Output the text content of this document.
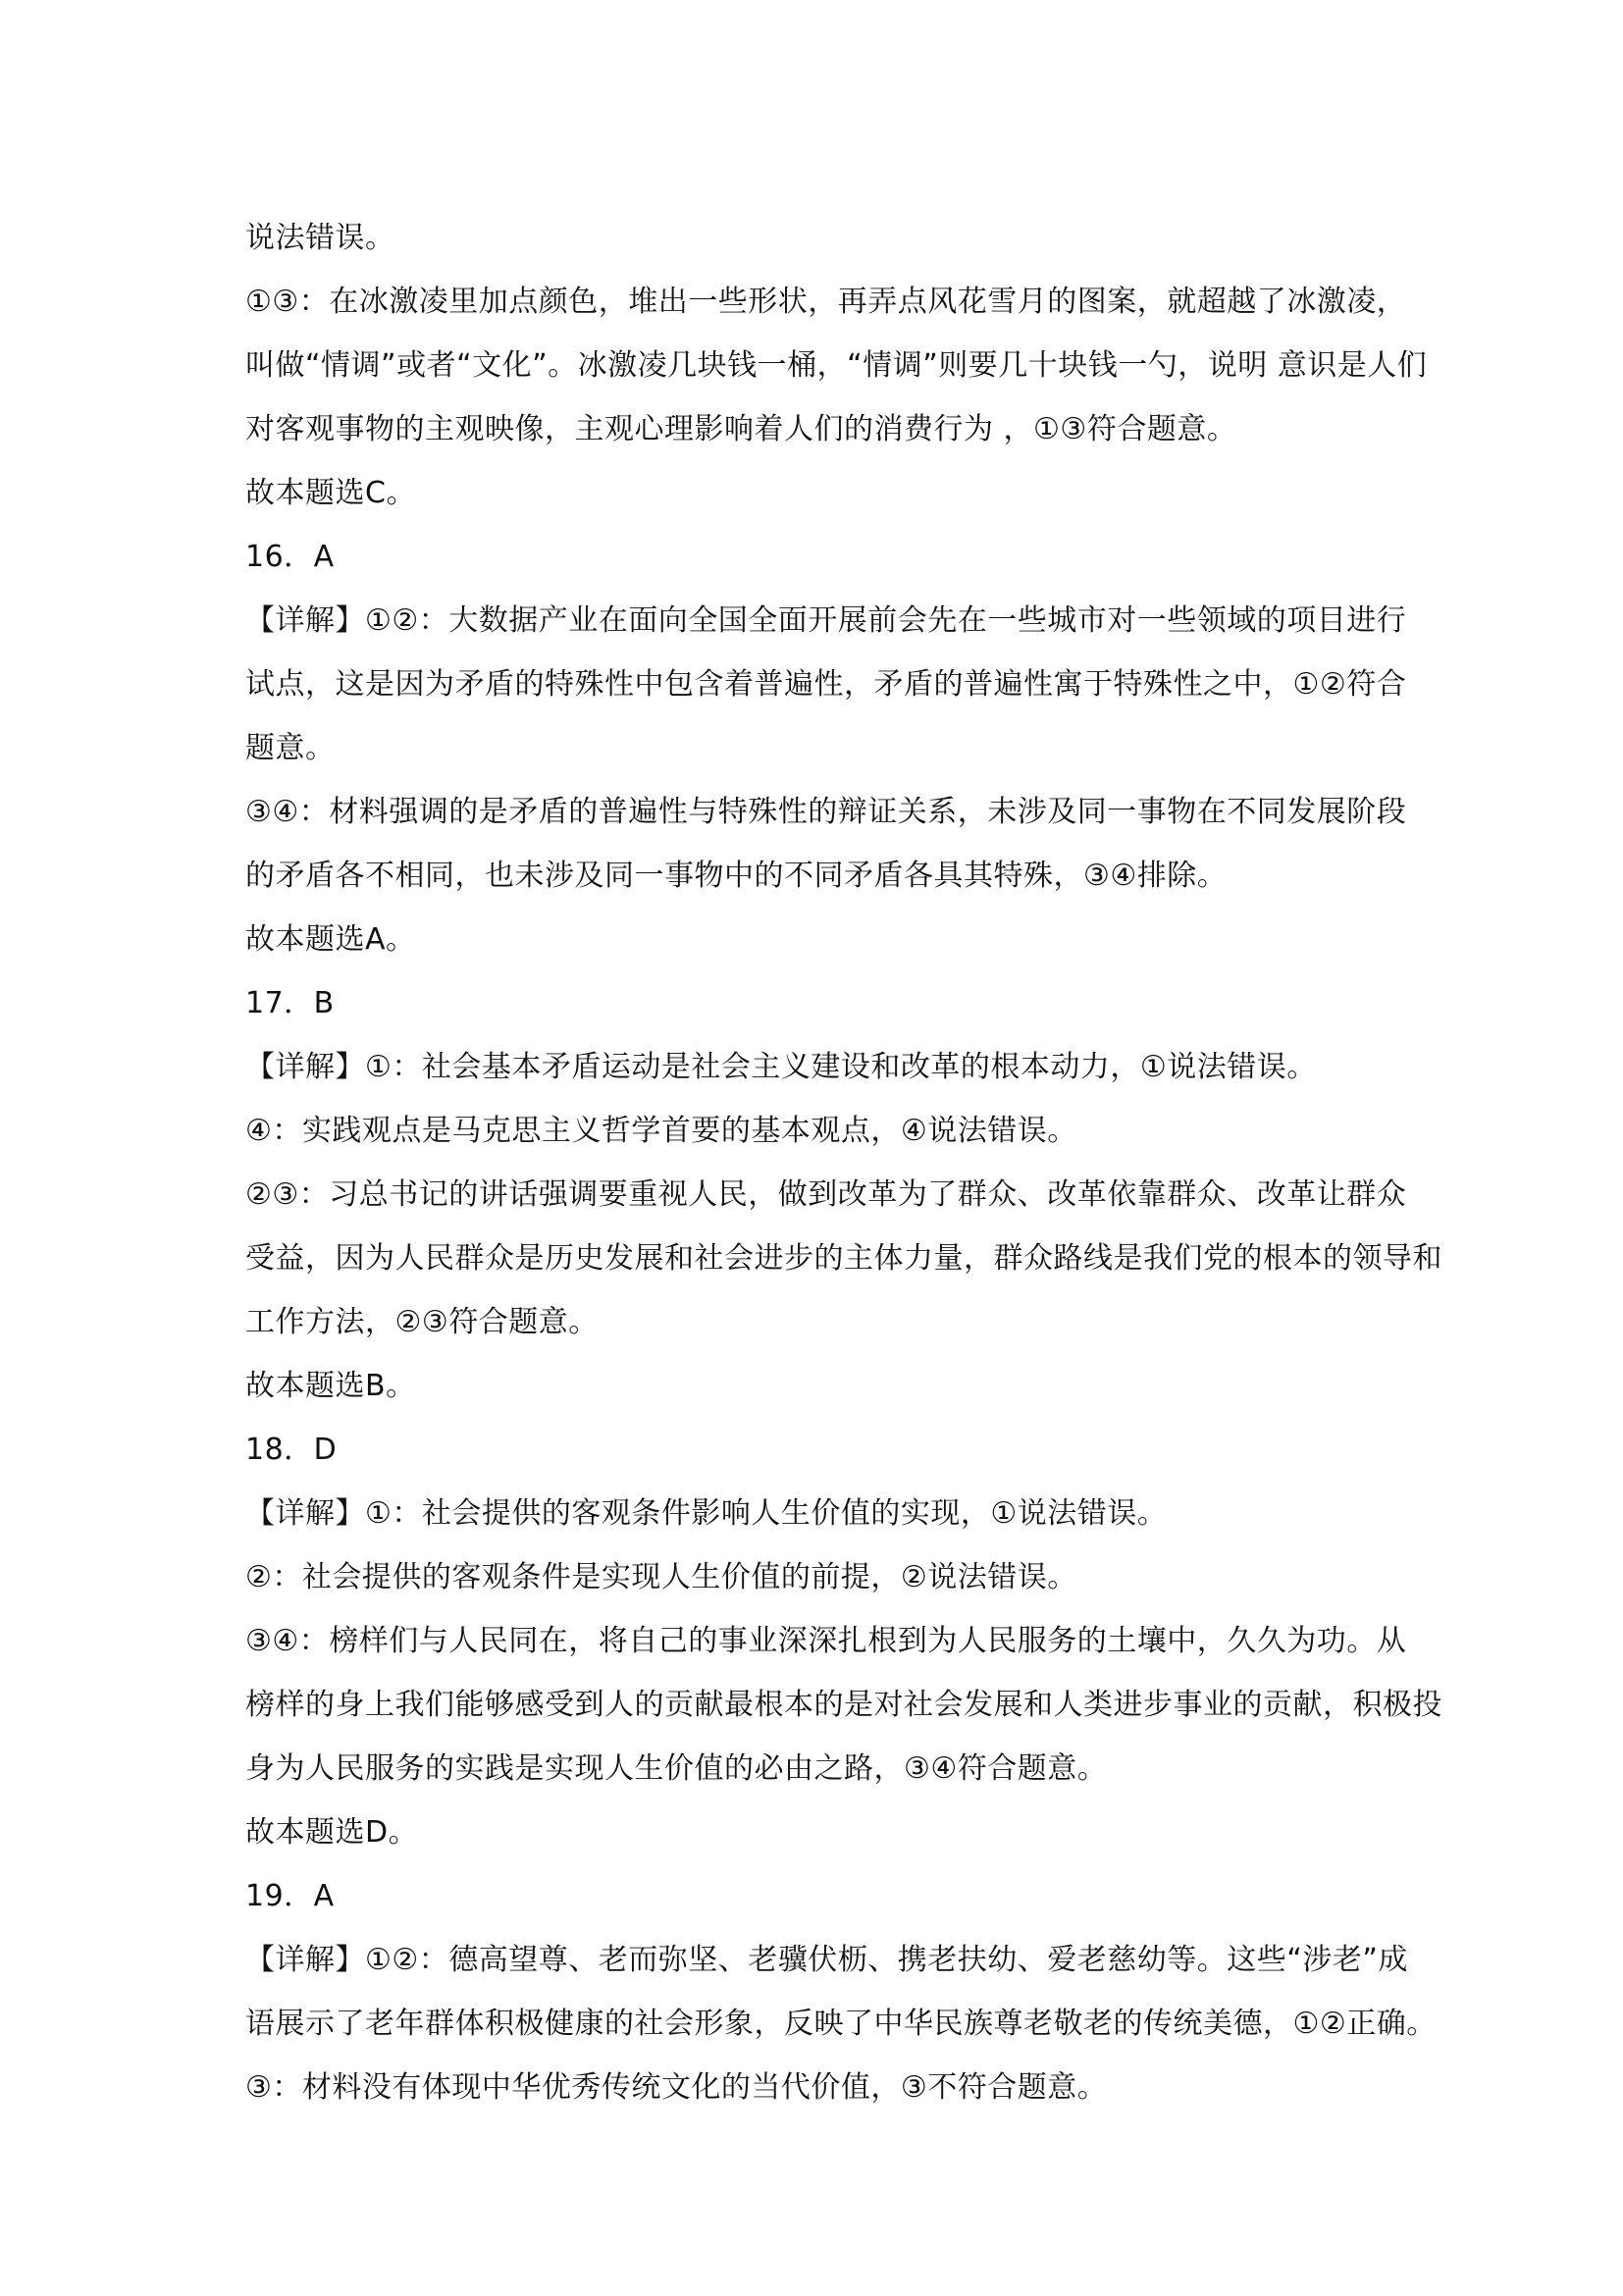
说法错误。
①③：在冰激凌里加点颜色，堆出一些形状，再弄点风花雪月的图案，就超越了冰激凌，
叫做“情调”或者“文化”。冰激凌几块钱一桶，“情调”则要几十块钱一勺，说明 意识是人们
对客观事物的主观映像，主观心理影响着人们的消费行为 ，①③符合题意。
故本题选C。
16．A
【详解】①②：大数据产业在面向全国全面开展前会先在一些城市对一些领域的项目进行
试点，这是因为矛盾的特殊性中包含着普遍性，矛盾的普遍性寓于特殊性之中，①②符合
题意。
③④：材料强调的是矛盾的普遍性与特殊性的辩证关系，未涉及同一事物在不同发展阶段
的矛盾各不相同，也未涉及同一事物中的不同矛盾各具其特殊，③④排除。
故本题选A。
17．B
【详解】①：社会基本矛盾运动是社会主义建设和改革的根本动力，①说法错误。
④：实践观点是马克思主义哲学首要的基本观点，④说法错误。
②③：习总书记的讲话强调要重视人民，做到改革为了群众、改革依靠群众、改革让群众
受益，因为人民群众是历史发展和社会进步的主体力量，群众路线是我们党的根本的领导和
工作方法，②③符合题意。
故本题选B。
18．D
【详解】①：社会提供的客观条件影响人生价值的实现，①说法错误。
②：社会提供的客观条件是实现人生价值的前提，②说法错误。
③④：榜样们与人民同在，将自己的事业深深扎根到为人民服务的土壤中，久久为功。从
榜样的身上我们能够感受到人的贡献最根本的是对社会发展和人类进步事业的贡献，积极投
身为人民服务的实践是实现人生价值的必由之路，③④符合题意。
故本题选D。
19．A
【详解】①②：德高望尊、老而弥坚、老骥伏枥、携老扶幼、爱老慈幼等。这些“涉老”成
语展示了老年群体积极健康的社会形象，反映了中华民族尊老敬老的传统美德，①②正确。
③：材料没有体现中华优秀传统文化的当代价值，③不符合题意。
